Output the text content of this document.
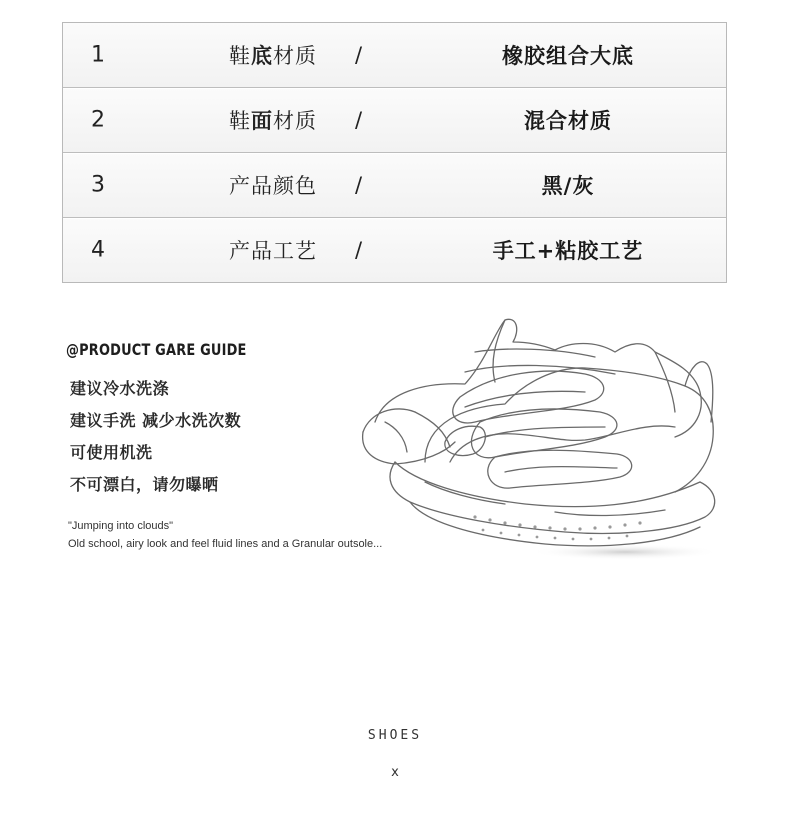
1	鞋底材质 /	橡胶组合大底
2	鞋面材质 /	混合材质
3	产品颜色 /	黑/灰
4	产品工艺 /	手工+粘胶工艺
@PRODUCT GARE GUIDE
建议冷水洗涤
建议手洗 减少水洗次数
可使用机洗
不可漂白，请勿曝晒
"Jumping into clouds"
Old school, airy look and feel fluid lines and a Granular outsole...
SHOES
x
